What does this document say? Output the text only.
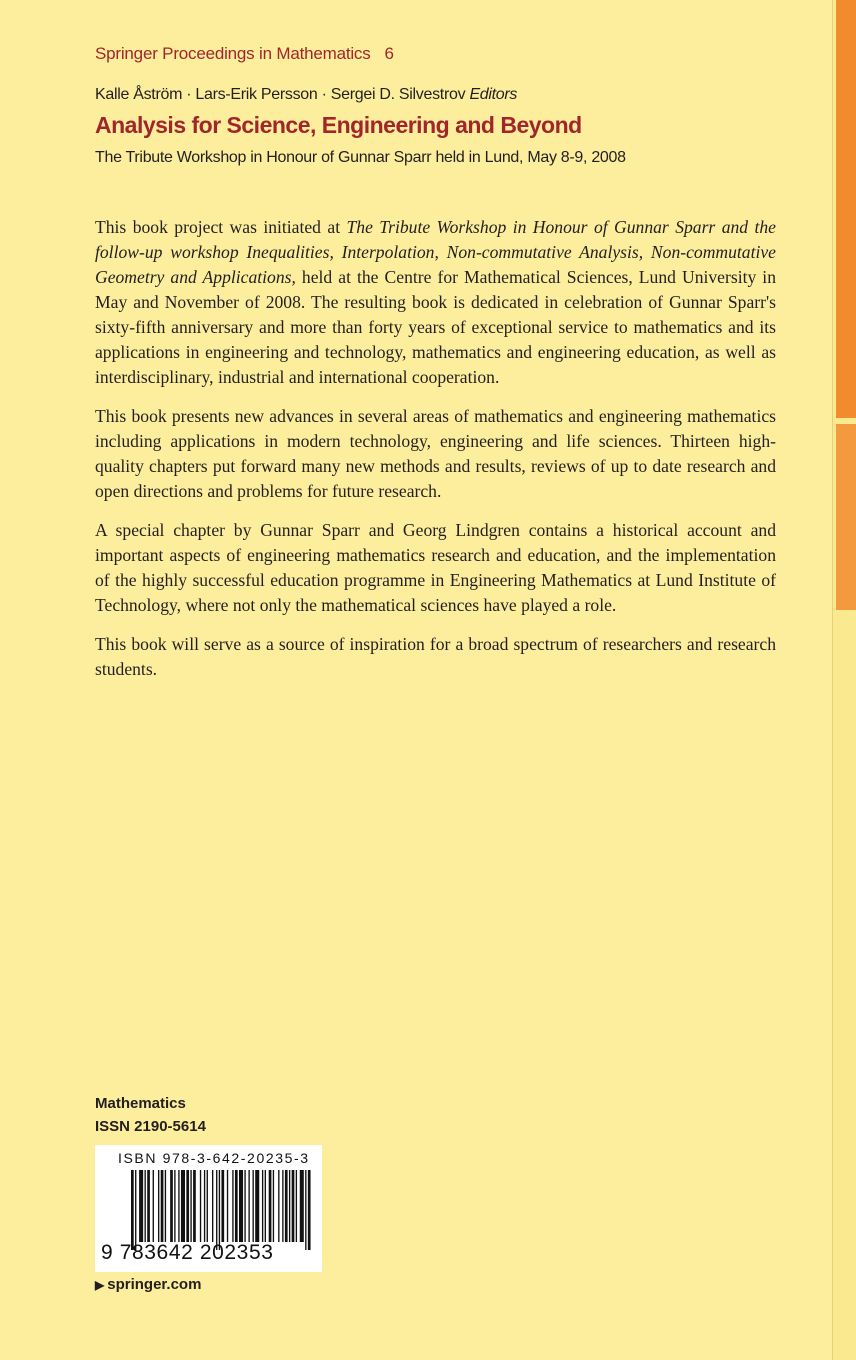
Springer Proceedings in Mathematics 6
Kalle Åström · Lars-Erik Persson · Sergei D. Silvestrov Editors
Analysis for Science, Engineering and Beyond
The Tribute Workshop in Honour of Gunnar Sparr held in Lund, May 8-9, 2008

This book project was initiated at The Tribute Workshop in Honour of Gunnar Sparr and the follow-up workshop Inequalities, Interpolation, Non-commutative Analysis, Non-commutative Geometry and Applications, held at the Centre for Mathematical Sciences, Lund University in May and November of 2008. The resulting book is dedicated in celebration of Gunnar Sparr's sixty-fifth anniversary and more than forty years of exceptional service to mathematics and its applications in engineering and technology, mathematics and engineering education, as well as interdisciplinary, industrial and international cooperation.

This book presents new advances in several areas of mathematics and engineering mathematics including applications in modern technology, engineering and life sciences. Thirteen high-quality chapters put forward many new methods and results, reviews of up to date research and open directions and problems for future research.

A special chapter by Gunnar Sparr and Georg Lindgren contains a historical account and important aspects of engineering mathematics research and education, and the implementation of the highly successful education programme in Engineering Mathematics at Lund Institute of Technology, where not only the mathematical sciences have played a role.

This book will serve as a source of inspiration for a broad spectrum of researchers and research students.

Mathematics
ISSN 2190-5614
ISBN 978-3-642-20235-3
9 783642 202353
▶ springer.com
